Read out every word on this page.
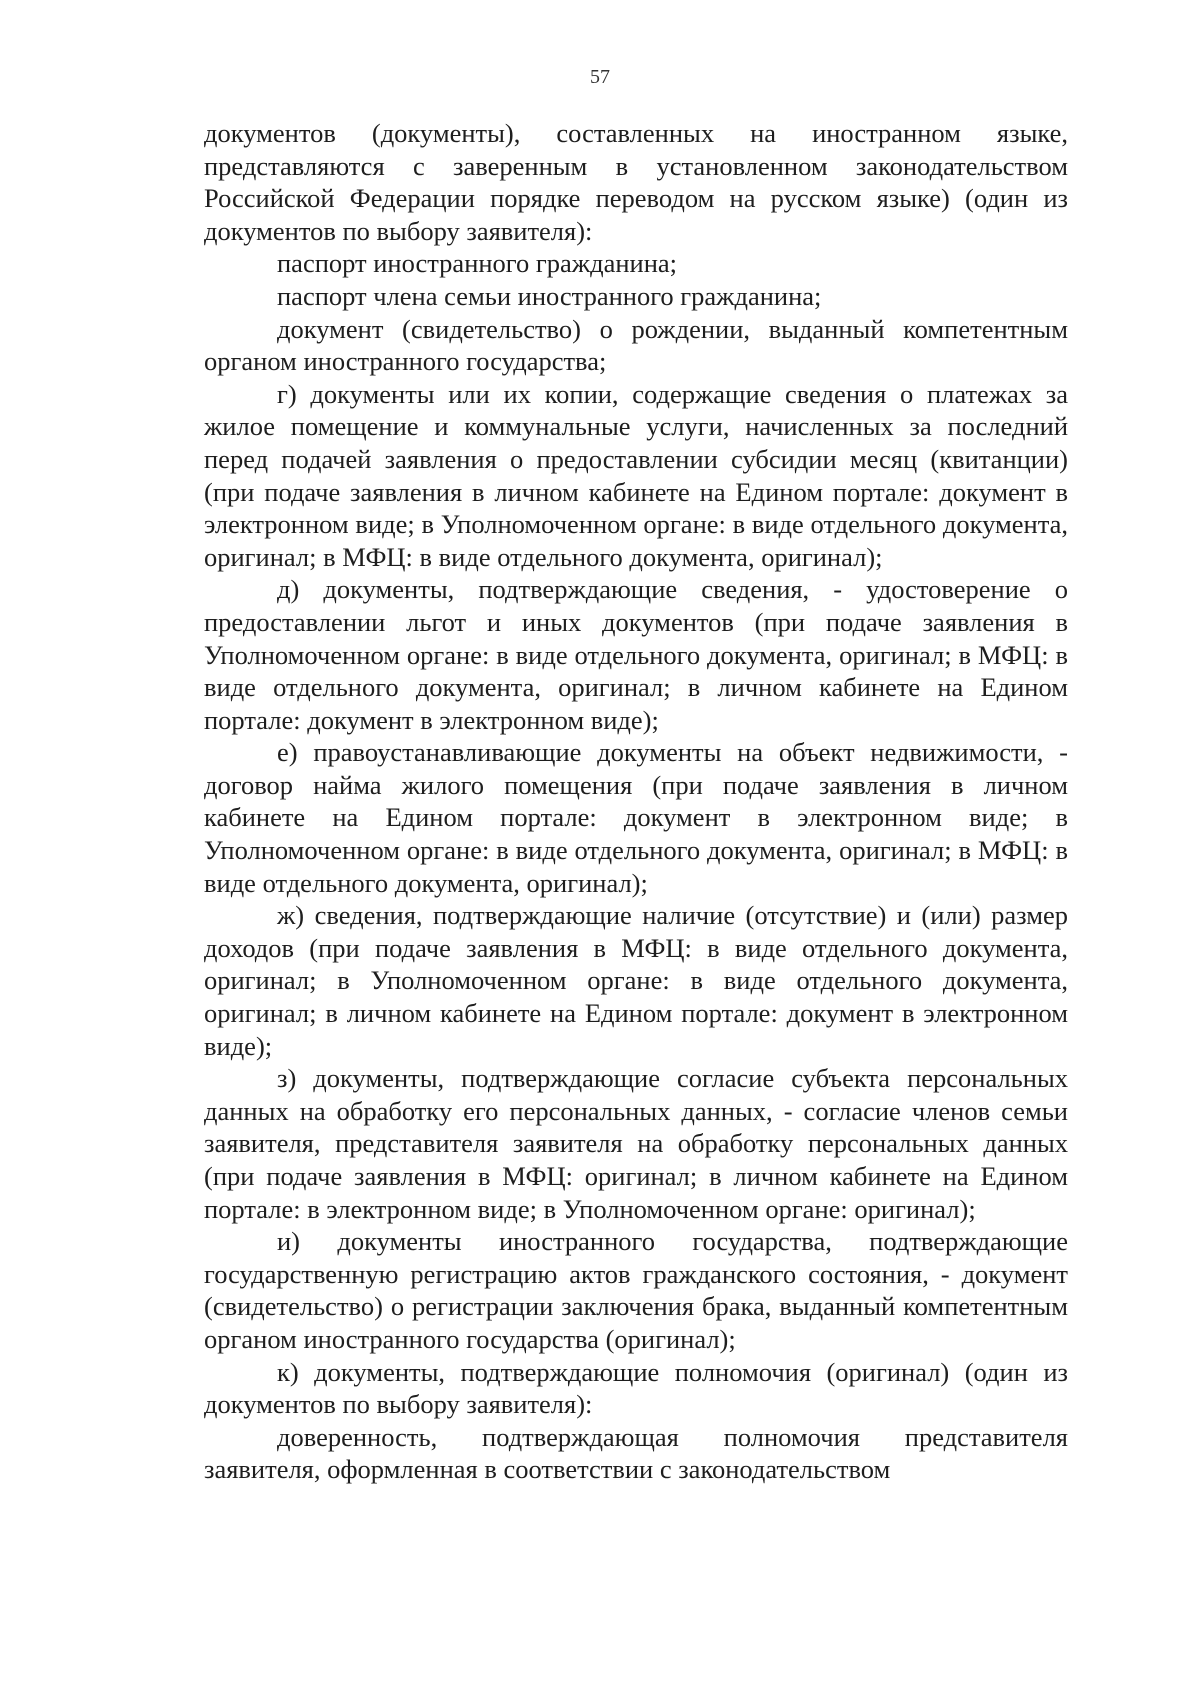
57

документов (документы), составленных на иностранном языке, представляются с заверенным в установленном законодательством Российской Федерации порядке переводом на русском языке) (один из документов по выбору заявителя):

паспорт иностранного гражданина;

паспорт члена семьи иностранного гражданина;

документ (свидетельство) о рождении, выданный компетентным органом иностранного государства;

г) документы или их копии, содержащие сведения о платежах за жилое помещение и коммунальные услуги, начисленных за последний перед подачей заявления о предоставлении субсидии месяц (квитанции) (при подаче заявления в личном кабинете на Едином портале: документ в электронном виде; в Уполномоченном органе: в виде отдельного документа, оригинал; в МФЦ: в виде отдельного документа, оригинал);

д) документы, подтверждающие сведения, - удостоверение о предоставлении льгот и иных документов (при подаче заявления в Уполномоченном органе: в виде отдельного документа, оригинал; в МФЦ: в виде отдельного документа, оригинал; в личном кабинете на Едином портале: документ в электронном виде);

е) правоустанавливающие документы на объект недвижимости, - договор найма жилого помещения (при подаче заявления в личном кабинете на Едином портале: документ в электронном виде; в Уполномоченном органе: в виде отдельного документа, оригинал; в МФЦ: в виде отдельного документа, оригинал);

ж) сведения, подтверждающие наличие (отсутствие) и (или) размер доходов (при подаче заявления в МФЦ: в виде отдельного документа, оригинал; в Уполномоченном органе: в виде отдельного документа, оригинал; в личном кабинете на Едином портале: документ в электронном виде);

з) документы, подтверждающие согласие субъекта персональных данных на обработку его персональных данных, - согласие членов семьи заявителя, представителя заявителя на обработку персональных данных (при подаче заявления в МФЦ: оригинал; в личном кабинете на Едином портале: в электронном виде; в Уполномоченном органе: оригинал);

и) документы иностранного государства, подтверждающие государственную регистрацию актов гражданского состояния, - документ (свидетельство) о регистрации заключения брака, выданный компетентным органом иностранного государства (оригинал);

к) документы, подтверждающие полномочия (оригинал) (один из документов по выбору заявителя):

доверенность, подтверждающая полномочия представителя заявителя, оформленная в соответствии с законодательством
